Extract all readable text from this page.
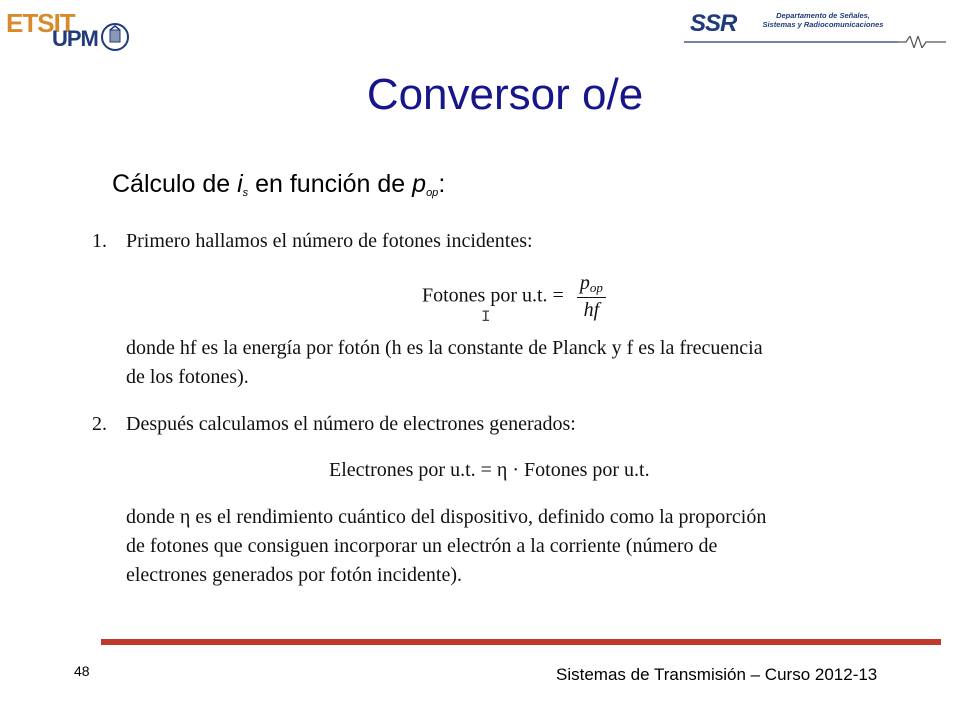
ETSIT
UPM
SSR	Departamento de Señales,
Sistemas y Radiocomunicaciones
Conversor o/e
Cálculo de $i_s$ en función de $p_{op}$:
1. Primero hallamos el número de fotones incidentes:
Fotones por u.t. = $\frac{\text{pop}}{hf}$
I
donde hf es la energía por fotón (h es la constante de Planck y f es la frecuencia
de los fotones).
2. Después calculamos el número de electrones generados:
Electrones por u.t. = η · Fotones por u.t.
donde η es el rendimiento cuántico del dispositivo, definido como la proporción
de fotones que consiguen incorporar un electrón a la corriente (número de
electrones generados por fotón incidente).
48	Sistemas de Transmisión – Curso 2012-13
